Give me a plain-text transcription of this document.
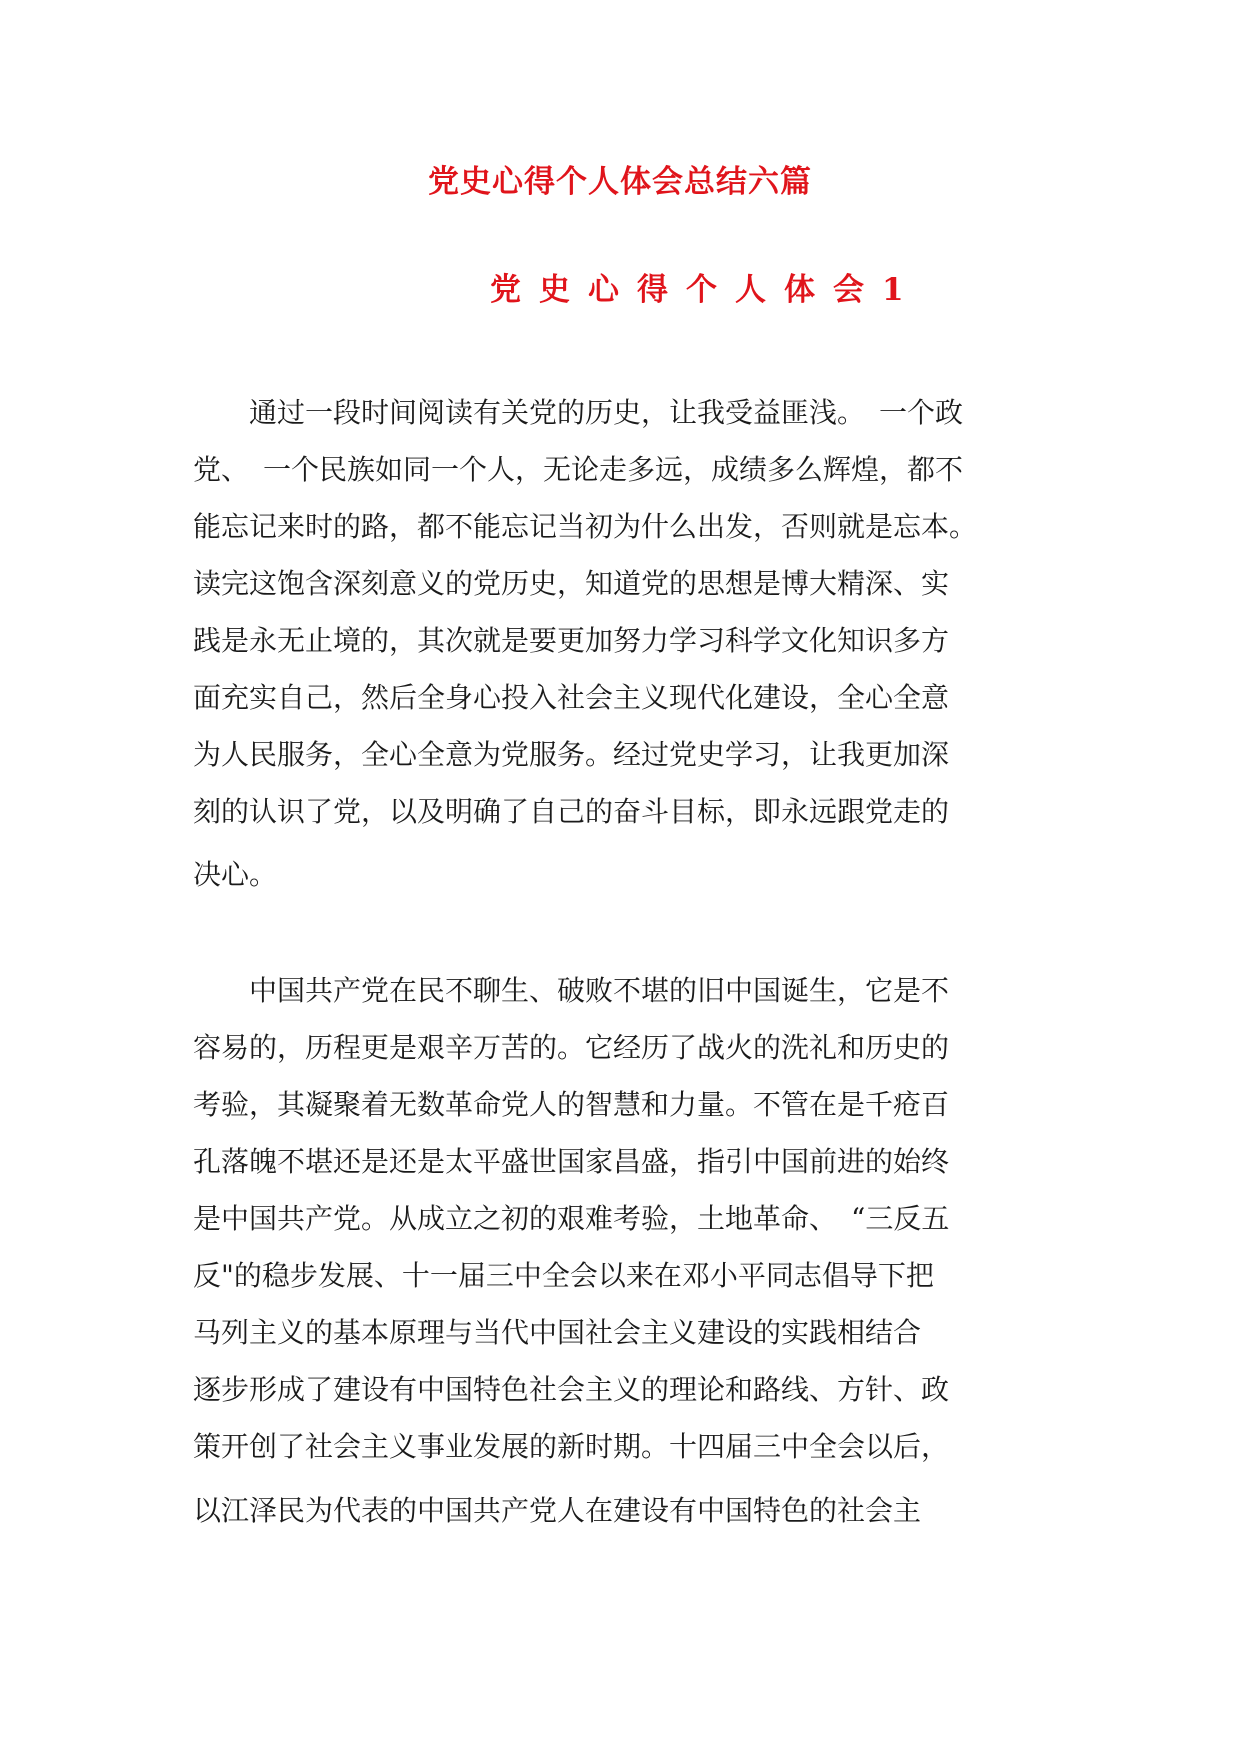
党史心得个人体会总结六篇
党史心得个人体会1

　　通过一段时间阅读有关党的历史，让我受益匪浅。　一个政

党、　一个民族如同一个人，无论走多远，成绩多么辉煌，都不

能忘记来时的路，都不能忘记当初为什么出发，否则就是忘本。

读完这饱含深刻意义的党历史，知道党的思想是博大精深、实

践是永无止境的，其次就是要更加努力学习科学文化知识多方

面充实自己，然后全身心投入社会主义现代化建设，全心全意

为人民服务，全心全意为党服务。经过党史学习，让我更加深

刻的认识了党，以及明确了自己的奋斗目标，即永远跟党走的

决心。

　　中国共产党在民不聊生、破败不堪的旧中国诞生，它是不

容易的，历程更是艰辛万苦的。它经历了战火的洗礼和历史的

考验，其凝聚着无数革命党人的智慧和力量。不管在是千疮百

孔落魄不堪还是还是太平盛世国家昌盛，指引中国前进的始终

是中国共产党。从成立之初的艰难考验，土地革命、　“三反五

反"的稳步发展、十一届三中全会以来在邓小平同志倡导下把

马列主义的基本原理与当代中国社会主义建设的实践相结合

逐步形成了建设有中国特色社会主义的理论和路线、方针、政

策开创了社会主义事业发展的新时期。十四届三中全会以后，

以江泽民为代表的中国共产党人在建设有中国特色的社会主
